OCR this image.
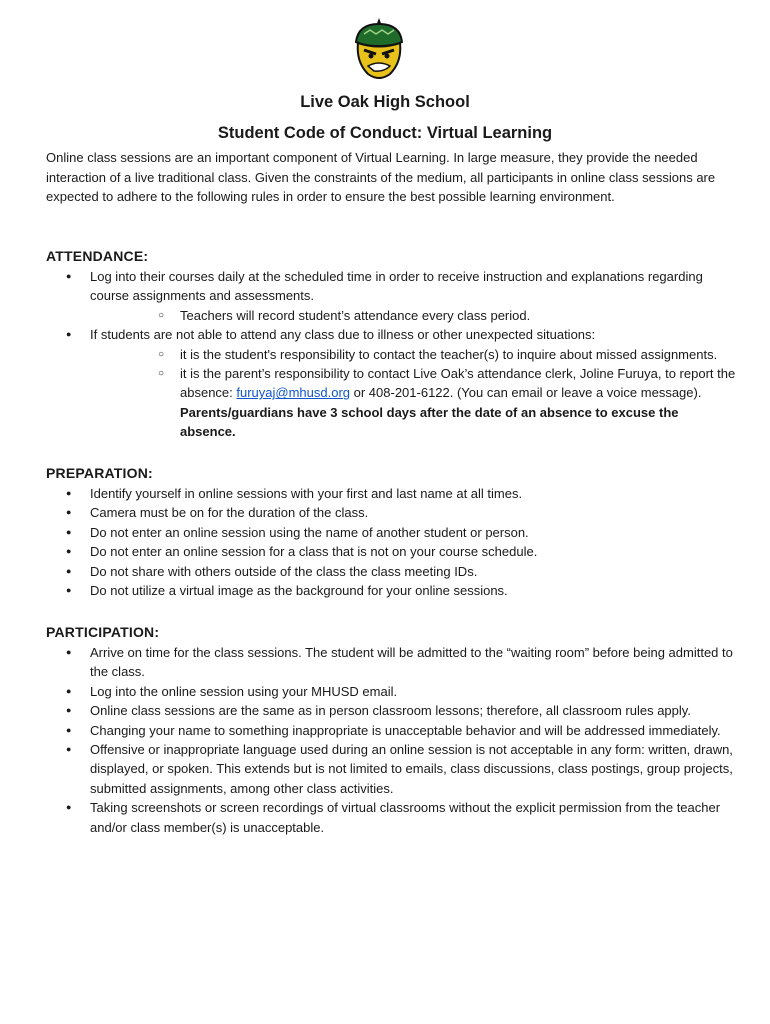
Live Oak High School
Student Code of Conduct: Virtual Learning

Online class sessions are an important component of Virtual Learning. In large measure, they provide the needed interaction of a live traditional class. Given the constraints of the medium, all participants in online class sessions are expected to adhere to the following rules in order to ensure the best possible learning environment.

ATTENDANCE:
● Log into their courses daily at the scheduled time in order to receive instruction and explanations regarding course assignments and assessments.
○ Teachers will record student’s attendance every class period.
● If students are not able to attend any class due to illness or other unexpected situations:
○ it is the student's responsibility to contact the teacher(s) to inquire about missed assignments.
○ it is the parent’s responsibility to contact Live Oak’s attendance clerk, Joline Furuya, to report the absence: furuyaj@mhusd.org or 408-201-6122. (You can email or leave a voice message). Parents/guardians have 3 school days after the date of an absence to excuse the absence.
PREPARATION:
● Identify yourself in online sessions with your first and last name at all times.
● Camera must be on for the duration of the class.
● Do not enter an online session using the name of another student or person.
● Do not enter an online session for a class that is not on your course schedule.
● Do not share with others outside of the class the class meeting IDs.
● Do not utilize a virtual image as the background for your online sessions.
PARTICIPATION:
● Arrive on time for the class sessions. The student will be admitted to the “waiting room” before being admitted to the class.
● Log into the online session using your MHUSD email.
● Online class sessions are the same as in person classroom lessons; therefore, all classroom rules apply.
● Changing your name to something inappropriate is unacceptable behavior and will be addressed immediately.
● Offensive or inappropriate language used during an online session is not acceptable in any form: written, drawn, displayed, or spoken. This extends but is not limited to emails, class discussions, class postings, group projects, submitted assignments, among other class activities.
● Taking screenshots or screen recordings of virtual classrooms without the explicit permission from the teacher and/or class member(s) is unacceptable.
